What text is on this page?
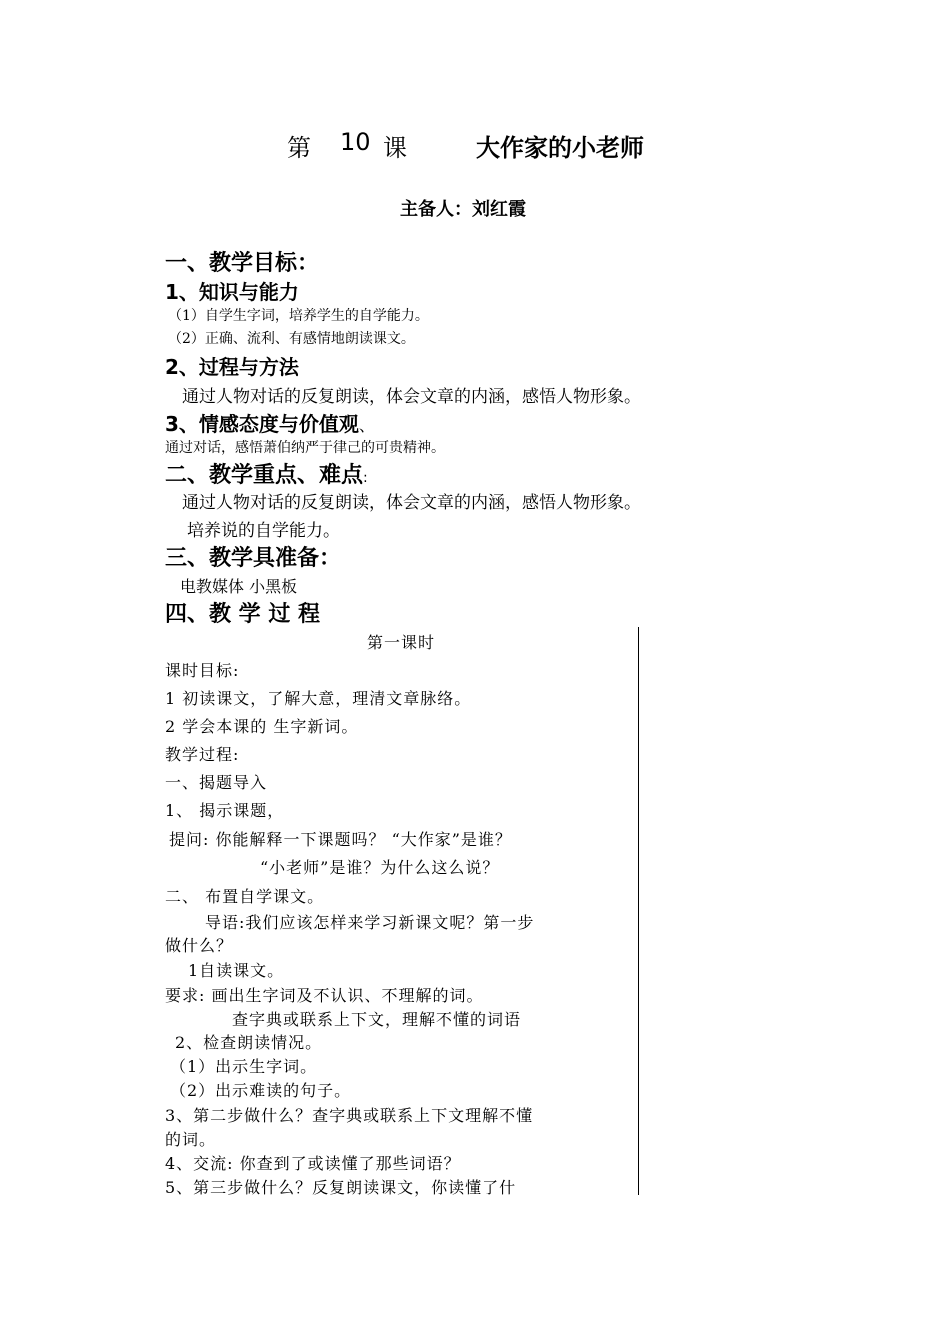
第 10 课	大作家的小老师
主备人：刘红霞
一、教学目标：
1、知识与能力
（1）自学生字词，培养学生的自学能力。
（2）正确、流利、有感情地朗读课文。
2、过程与方法
通过人物对话的反复朗读，体会文章的内涵，感悟人物形象。
3、情感态度与价值观、
通过对话，感悟萧伯纳严于律己的可贵精神。
二、教学重点、难点:
通过人物对话的反复朗读，体会文章的内涵，感悟人物形象。
培养说的自学能力。
三、教学具准备：
电教媒体 小黑板
四、教 学 过 程
第一课时
课时目标:
1 初读课文，了解大意，理清文章脉络。
2 学会本课的 生字新词。
教学过程:
一、揭题导入
1、 揭示课题，
提问: 你能解释一下课题吗？ “大作家”是谁？
“小老师”是谁？为什么这么说？
二、 布置自学课文。
导语:我们应该怎样来学习新课文呢？第一步
做什么？
1自读课文。
要求: 画出生字词及不认识、不理解的词。
查字典或联系上下文，理解不懂的词语
2、检查朗读情况。
（1）出示生字词。
（2）出示难读的句子。
3、第二步做什么？查字典或联系上下文理解不懂
的词。
4、交流: 你查到了或读懂了那些词语？
5、第三步做什么？反复朗读课文，你读懂了什
